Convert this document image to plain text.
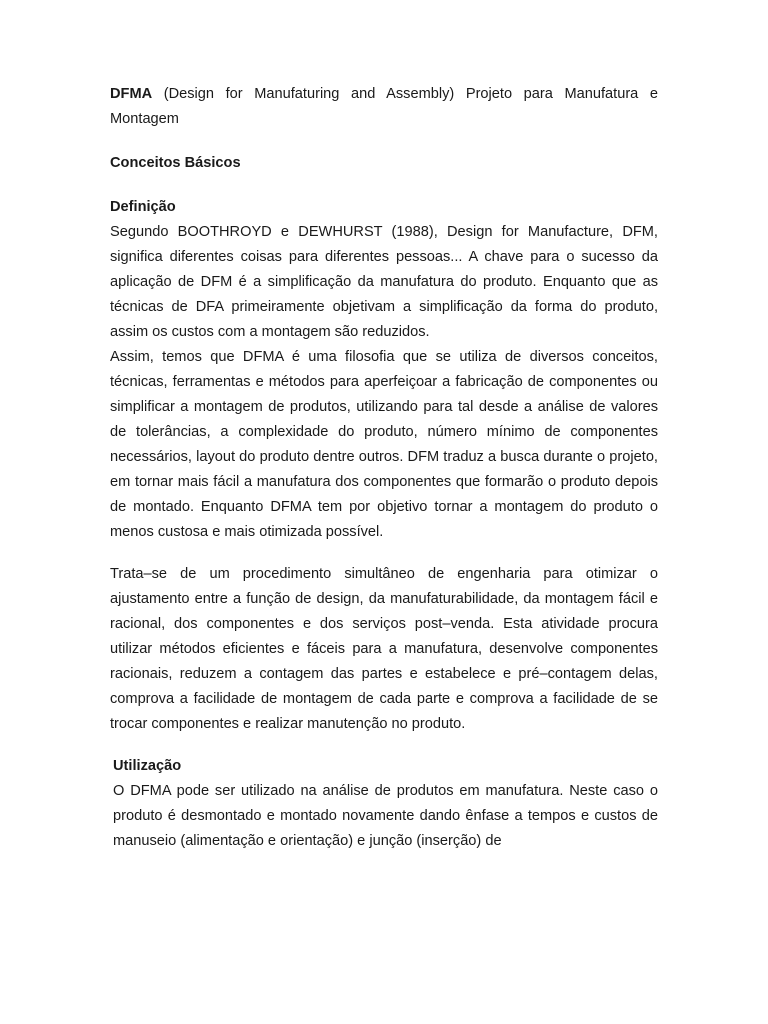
DFMA (Design for Manufaturing and Assembly) Projeto para Manufatura e Montagem

Conceitos Básicos

Definição

Segundo BOOTHROYD e DEWHURST (1988), Design for Manufacture, DFM, significa diferentes coisas para diferentes pessoas... A chave para o sucesso da aplicação de DFM é a simplificação da manufatura do produto. Enquanto que as técnicas de DFA primeiramente objetivam a simplificação da forma do produto, assim os custos com a montagem são reduzidos.

Assim, temos que DFMA é uma filosofia que se utiliza de diversos conceitos, técnicas, ferramentas e métodos para aperfeiçoar a fabricação de componentes ou simplificar a montagem de produtos, utilizando para tal desde a análise de valores de tolerâncias, a complexidade do produto, número mínimo de componentes necessários, layout do produto dentre outros. DFM traduz a busca durante o projeto, em tornar mais fácil a manufatura dos componentes que formarão o produto depois de montado. Enquanto DFMA tem por objetivo tornar a montagem do produto o menos custosa e mais otimizada possível.

Trata–se de um procedimento simultâneo de engenharia para otimizar o ajustamento entre a função de design, da manufaturabilidade, da montagem fácil e racional, dos componentes e dos serviços post–venda. Esta atividade procura utilizar métodos eficientes e fáceis para a manufatura, desenvolve componentes racionais, reduzem a contagem das partes e estabelece e pré–contagem delas, comprova a facilidade de montagem de cada parte e comprova a facilidade de se trocar componentes e realizar manutenção no produto.

Utilização

O DFMA pode ser utilizado na análise de produtos em manufatura. Neste caso o produto é desmontado e montado novamente dando ênfase a tempos e custos de manuseio (alimentação e orientação) e junção (inserção) de
